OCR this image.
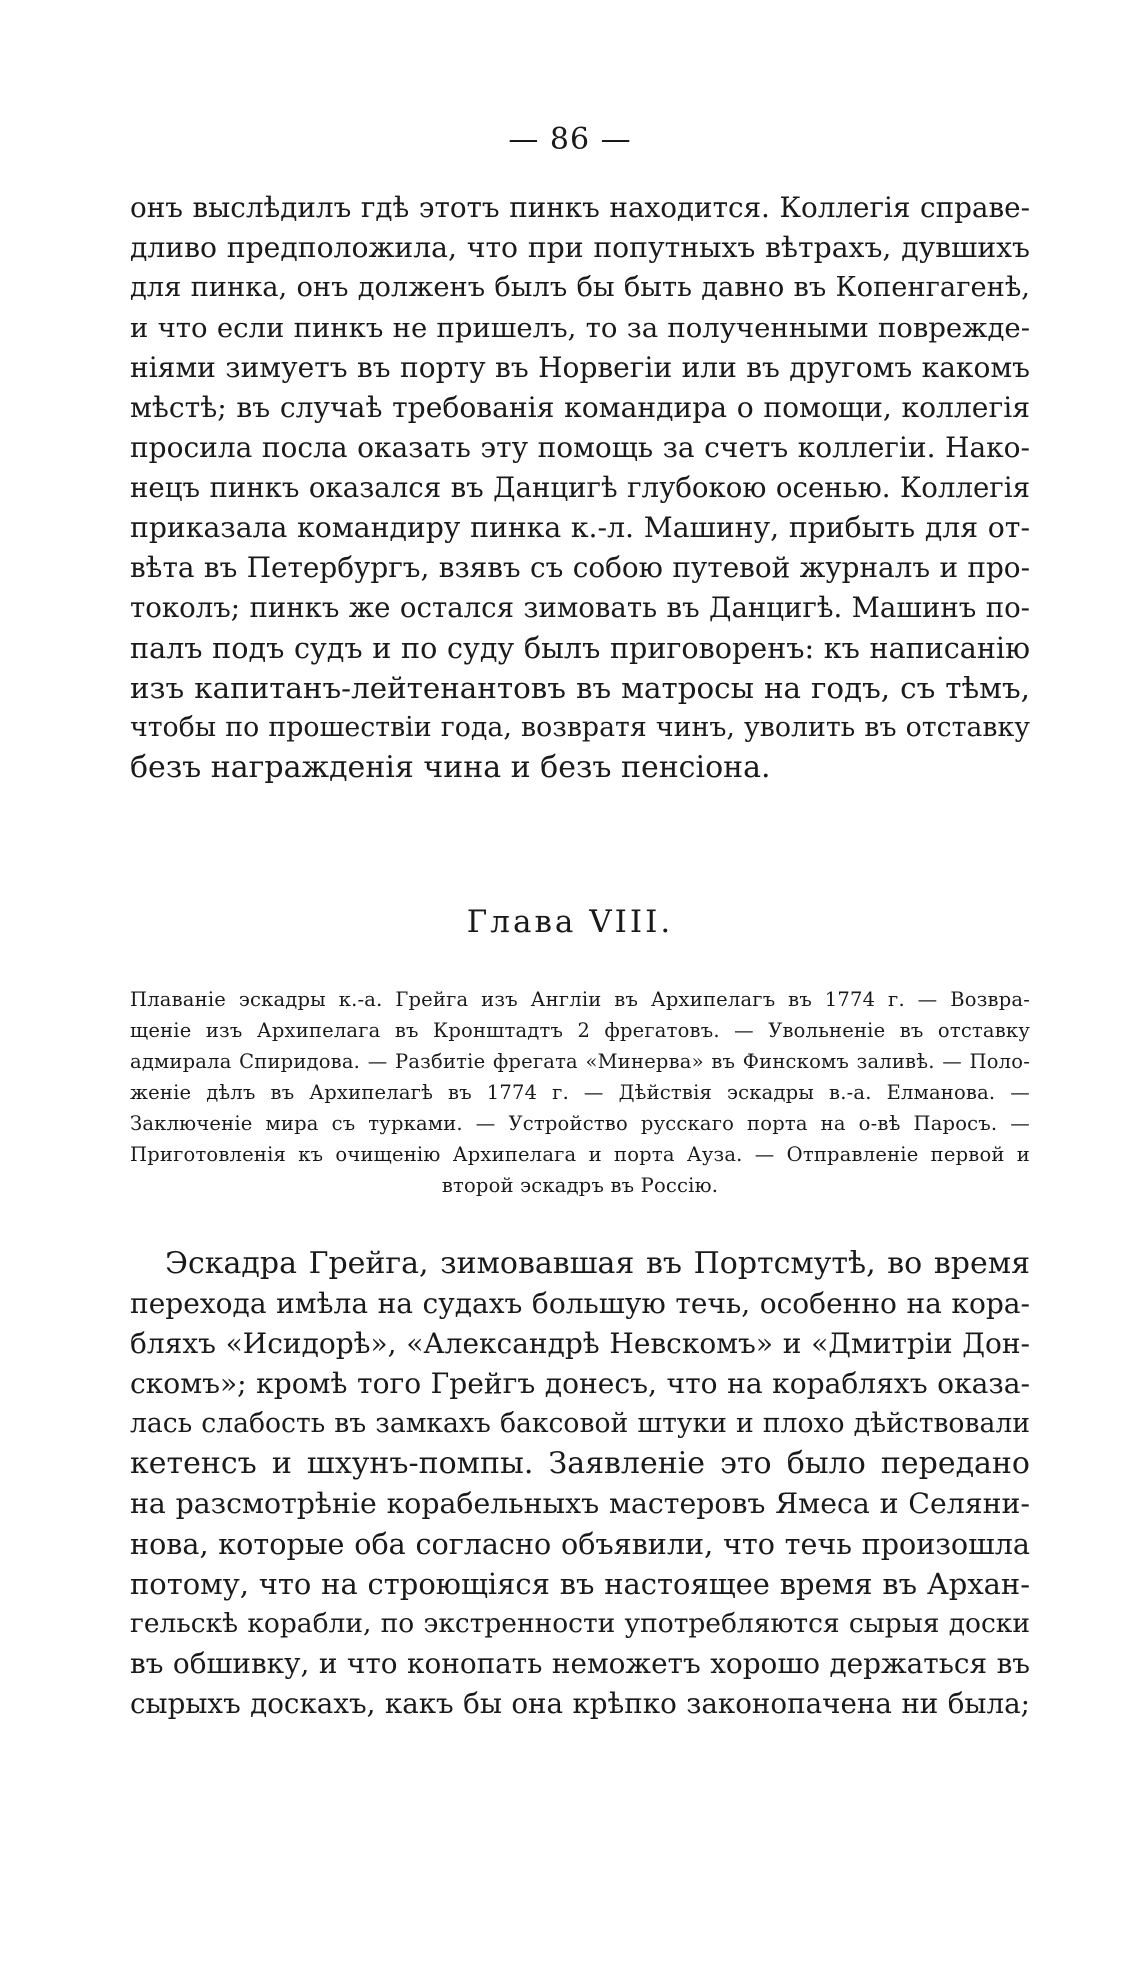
— 86 —
онъ выслѣдилъ гдѣ этотъ пинкъ находится. Коллегія справе-
дливо предположила, что при попутныхъ вѣтрахъ, дувшихъ
для пинка, онъ долженъ былъ бы быть давно въ Копенгагенѣ,
и что если пинкъ не пришелъ, то за полученными поврежде-
ніями зимуетъ въ порту въ Норвегіи или въ другомъ какомъ
мѣстѣ; въ случаѣ требованія командира о помощи, коллегія
просила посла оказать эту помощь за счетъ коллегіи. Нако-
нецъ пинкъ оказался въ Данцигѣ глубокою осенью. Коллегія
приказала командиру пинка к.-л. Машину, прибыть для от-
вѣта въ Петербургъ, взявъ съ собою путевой журналъ и про-
токолъ; пинкъ же остался зимовать въ Данцигѣ. Машинъ по-
палъ подъ судъ и по суду былъ приговоренъ: къ написанію
изъ капитанъ-лейтенантовъ въ матросы на годъ, съ тѣмъ,
чтобы по прошествіи года, возвратя чинъ, уволить въ отставку
безъ награжденія чина и безъ пенсіона.
Глава VIII.
Плаваніе эскадры к.-а. Грейга изъ Англіи въ Архипелагъ въ 1774 г. — Возвра-
щеніе изъ Архипелага въ Кронштадтъ 2 фрегатовъ. — Увольненіе въ отставку
адмирала Спиридова. — Разбитіе фрегата «Минерва» въ Финскомъ заливѣ. — Поло-
женіе дѣлъ въ Архипелагѣ въ 1774 г. — Дѣйствія эскадры в.-а. Елманова. —
Заключеніе мира съ турками. — Устройство русскаго порта на о-вѣ Паросъ. —
Приготовленія къ очищенію Архипелага и порта Ауза. — Отправленіе первой и
второй эскадръ въ Россію.
Эскадра Грейга, зимовавшая въ Портсмутѣ, во время
перехода имѣла на судахъ большую течь, особенно на кора-
бляхъ «Исидорѣ», «Александрѣ Невскомъ» и «Дмитріи Дон-
скомъ»; кромѣ того Грейгъ донесъ, что на корабляхъ оказа-
лась слабость въ замкахъ баксовой штуки и плохо дѣйствовали
кетенсъ и шхунъ-помпы. Заявленіе это было передано
на разсмотрѣніе корабельныхъ мастеровъ Ямеса и Селяни-
нова, которые оба согласно объявили, что течь произошла
потому, что на строющіяся въ настоящее время въ Архан-
гельскѣ корабли, по экстренности употребляются сырыя доски
въ обшивку, и что конопать неможетъ хорошо держаться въ
сырыхъ доскахъ, какъ бы она крѣпко законопачена ни была;
